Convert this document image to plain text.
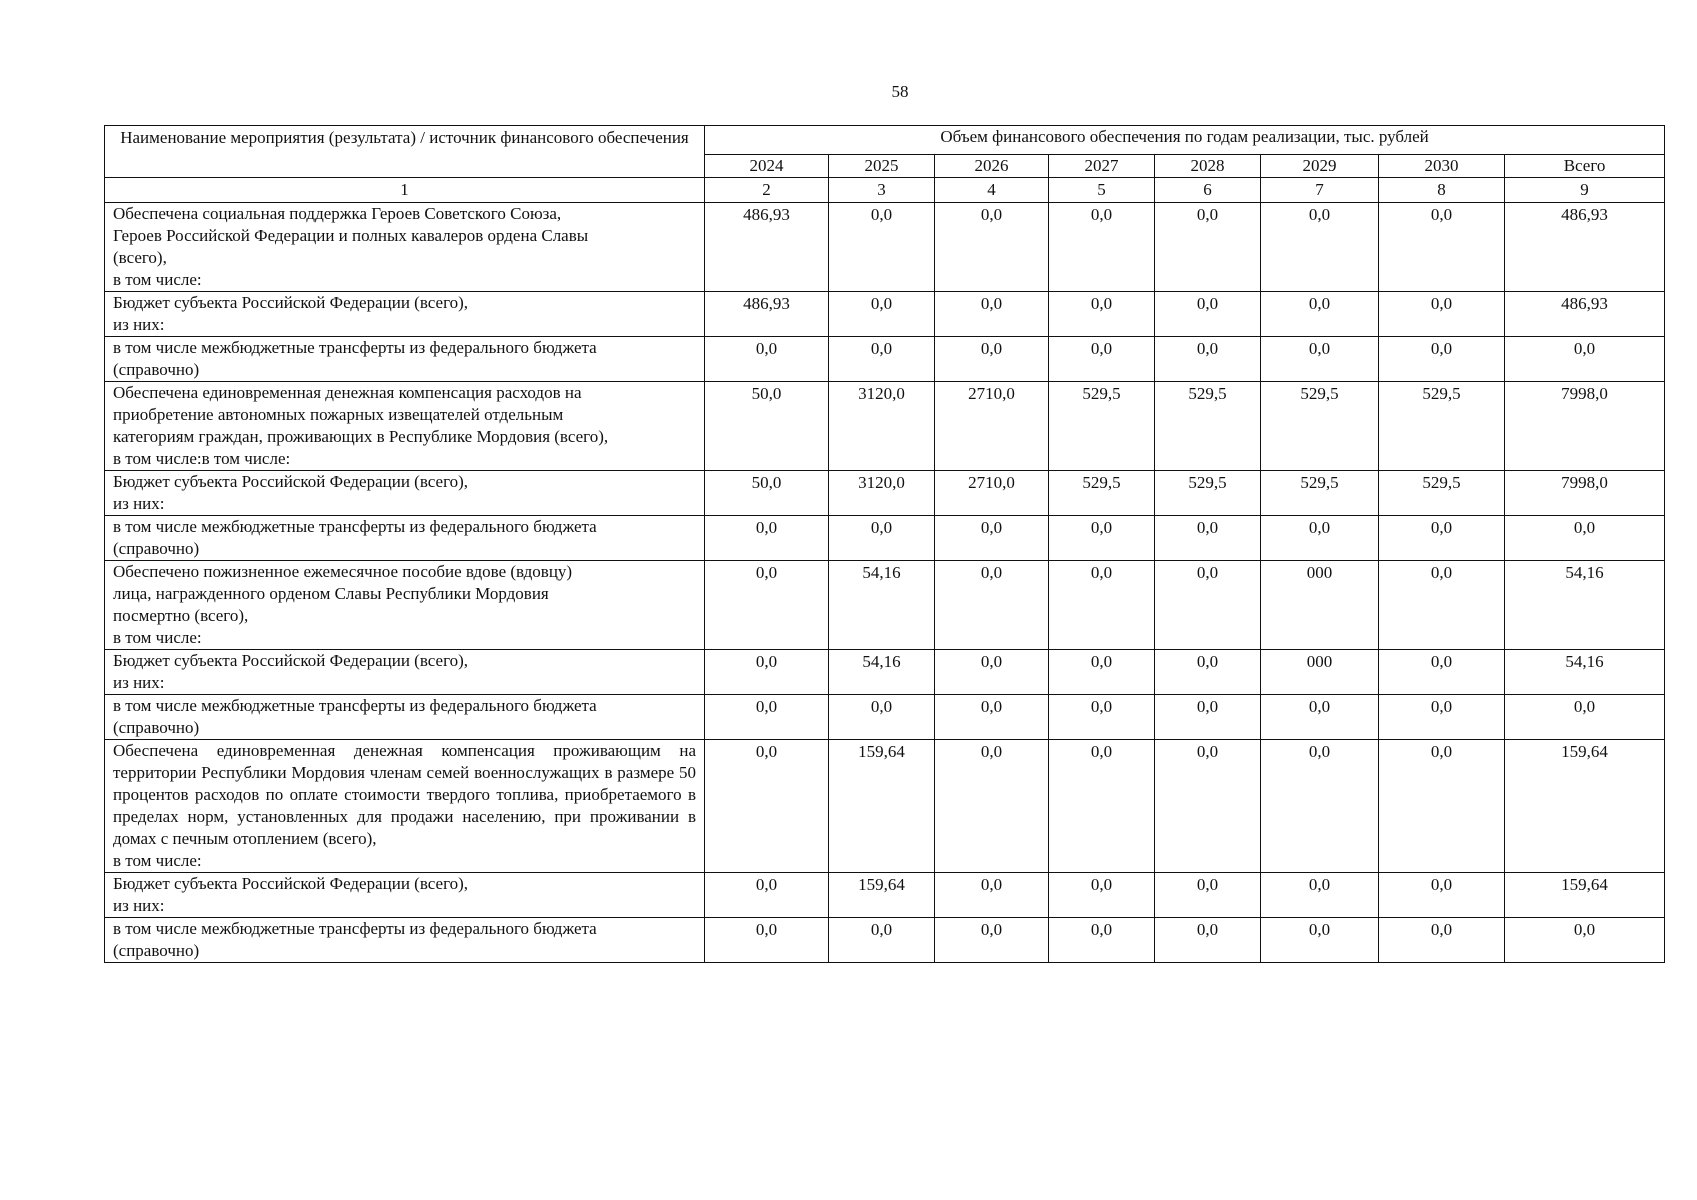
58
Наименование мероприятия (результата) / источник финансового обеспечения	Объем финансового обеспечения по годам реализации, тыс. рублей							
	2024	2025	2026	2027	2028	2029	2030	Всего
1	2	3	4	5	6	7	8	9

Обеспечена социальная поддержка Героев Советского Союза,
Героев Российской Федерации и полных кавалеров ордена Славы
(всего),
в том числе:	486,93	0,0	0,0	0,0	0,0	0,0	0,0	486,93

Бюджет субъекта Российской Федерации (всего),
из них:	486,93	0,0	0,0	0,0	0,0	0,0	0,0	486,93

в том числе межбюджетные трансферты из федерального бюджета
(справочно)	0,0	0,0	0,0	0,0	0,0	0,0	0,0	0,0

Обеспечена единовременная денежная компенсация расходов на
приобретение автономных пожарных извещателей отдельным
категориям граждан, проживающих в Республике Мордовия (всего),
в том числе:в том числе:	50,0	3120,0	2710,0	529,5	529,5	529,5	529,5	7998,0

Бюджет субъекта Российской Федерации (всего),
из них:	50,0	3120,0	2710,0	529,5	529,5	529,5	529,5	7998,0

в том числе межбюджетные трансферты из федерального бюджета
(справочно)	0,0	0,0	0,0	0,0	0,0	0,0	0,0	0,0

Обеспечено пожизненное ежемесячное пособие вдове (вдовцу)
лица, награжденного орденом Славы Республики Мордовия
посмертно (всего),
в том числе:	0,0	54,16	0,0	0,0	0,0	000	0,0	54,16

Бюджет субъекта Российской Федерации (всего),
из них:	0,0	54,16	0,0	0,0	0,0	000	0,0	54,16

в том числе межбюджетные трансферты из федерального бюджета
(справочно)	0,0	0,0	0,0	0,0	0,0	0,0	0,0	0,0

Обеспечена единовременная денежная компенсация проживающим на территории Республики Мордовия членам семей военнослужащих в размере 50 процентов расходов по оплате стоимости твердого топлива, приобретаемого в пределах норм, установленных для продажи населению, при проживании в домах с печным отоплением (всего),
в том числе:	0,0	159,64	0,0	0,0	0,0	0,0	0,0	159,64

Бюджет субъекта Российской Федерации (всего),
из них:	0,0	159,64	0,0	0,0	0,0	0,0	0,0	159,64

в том числе межбюджетные трансферты из федерального бюджета
(справочно)	0,0	0,0	0,0	0,0	0,0	0,0	0,0	0,0
